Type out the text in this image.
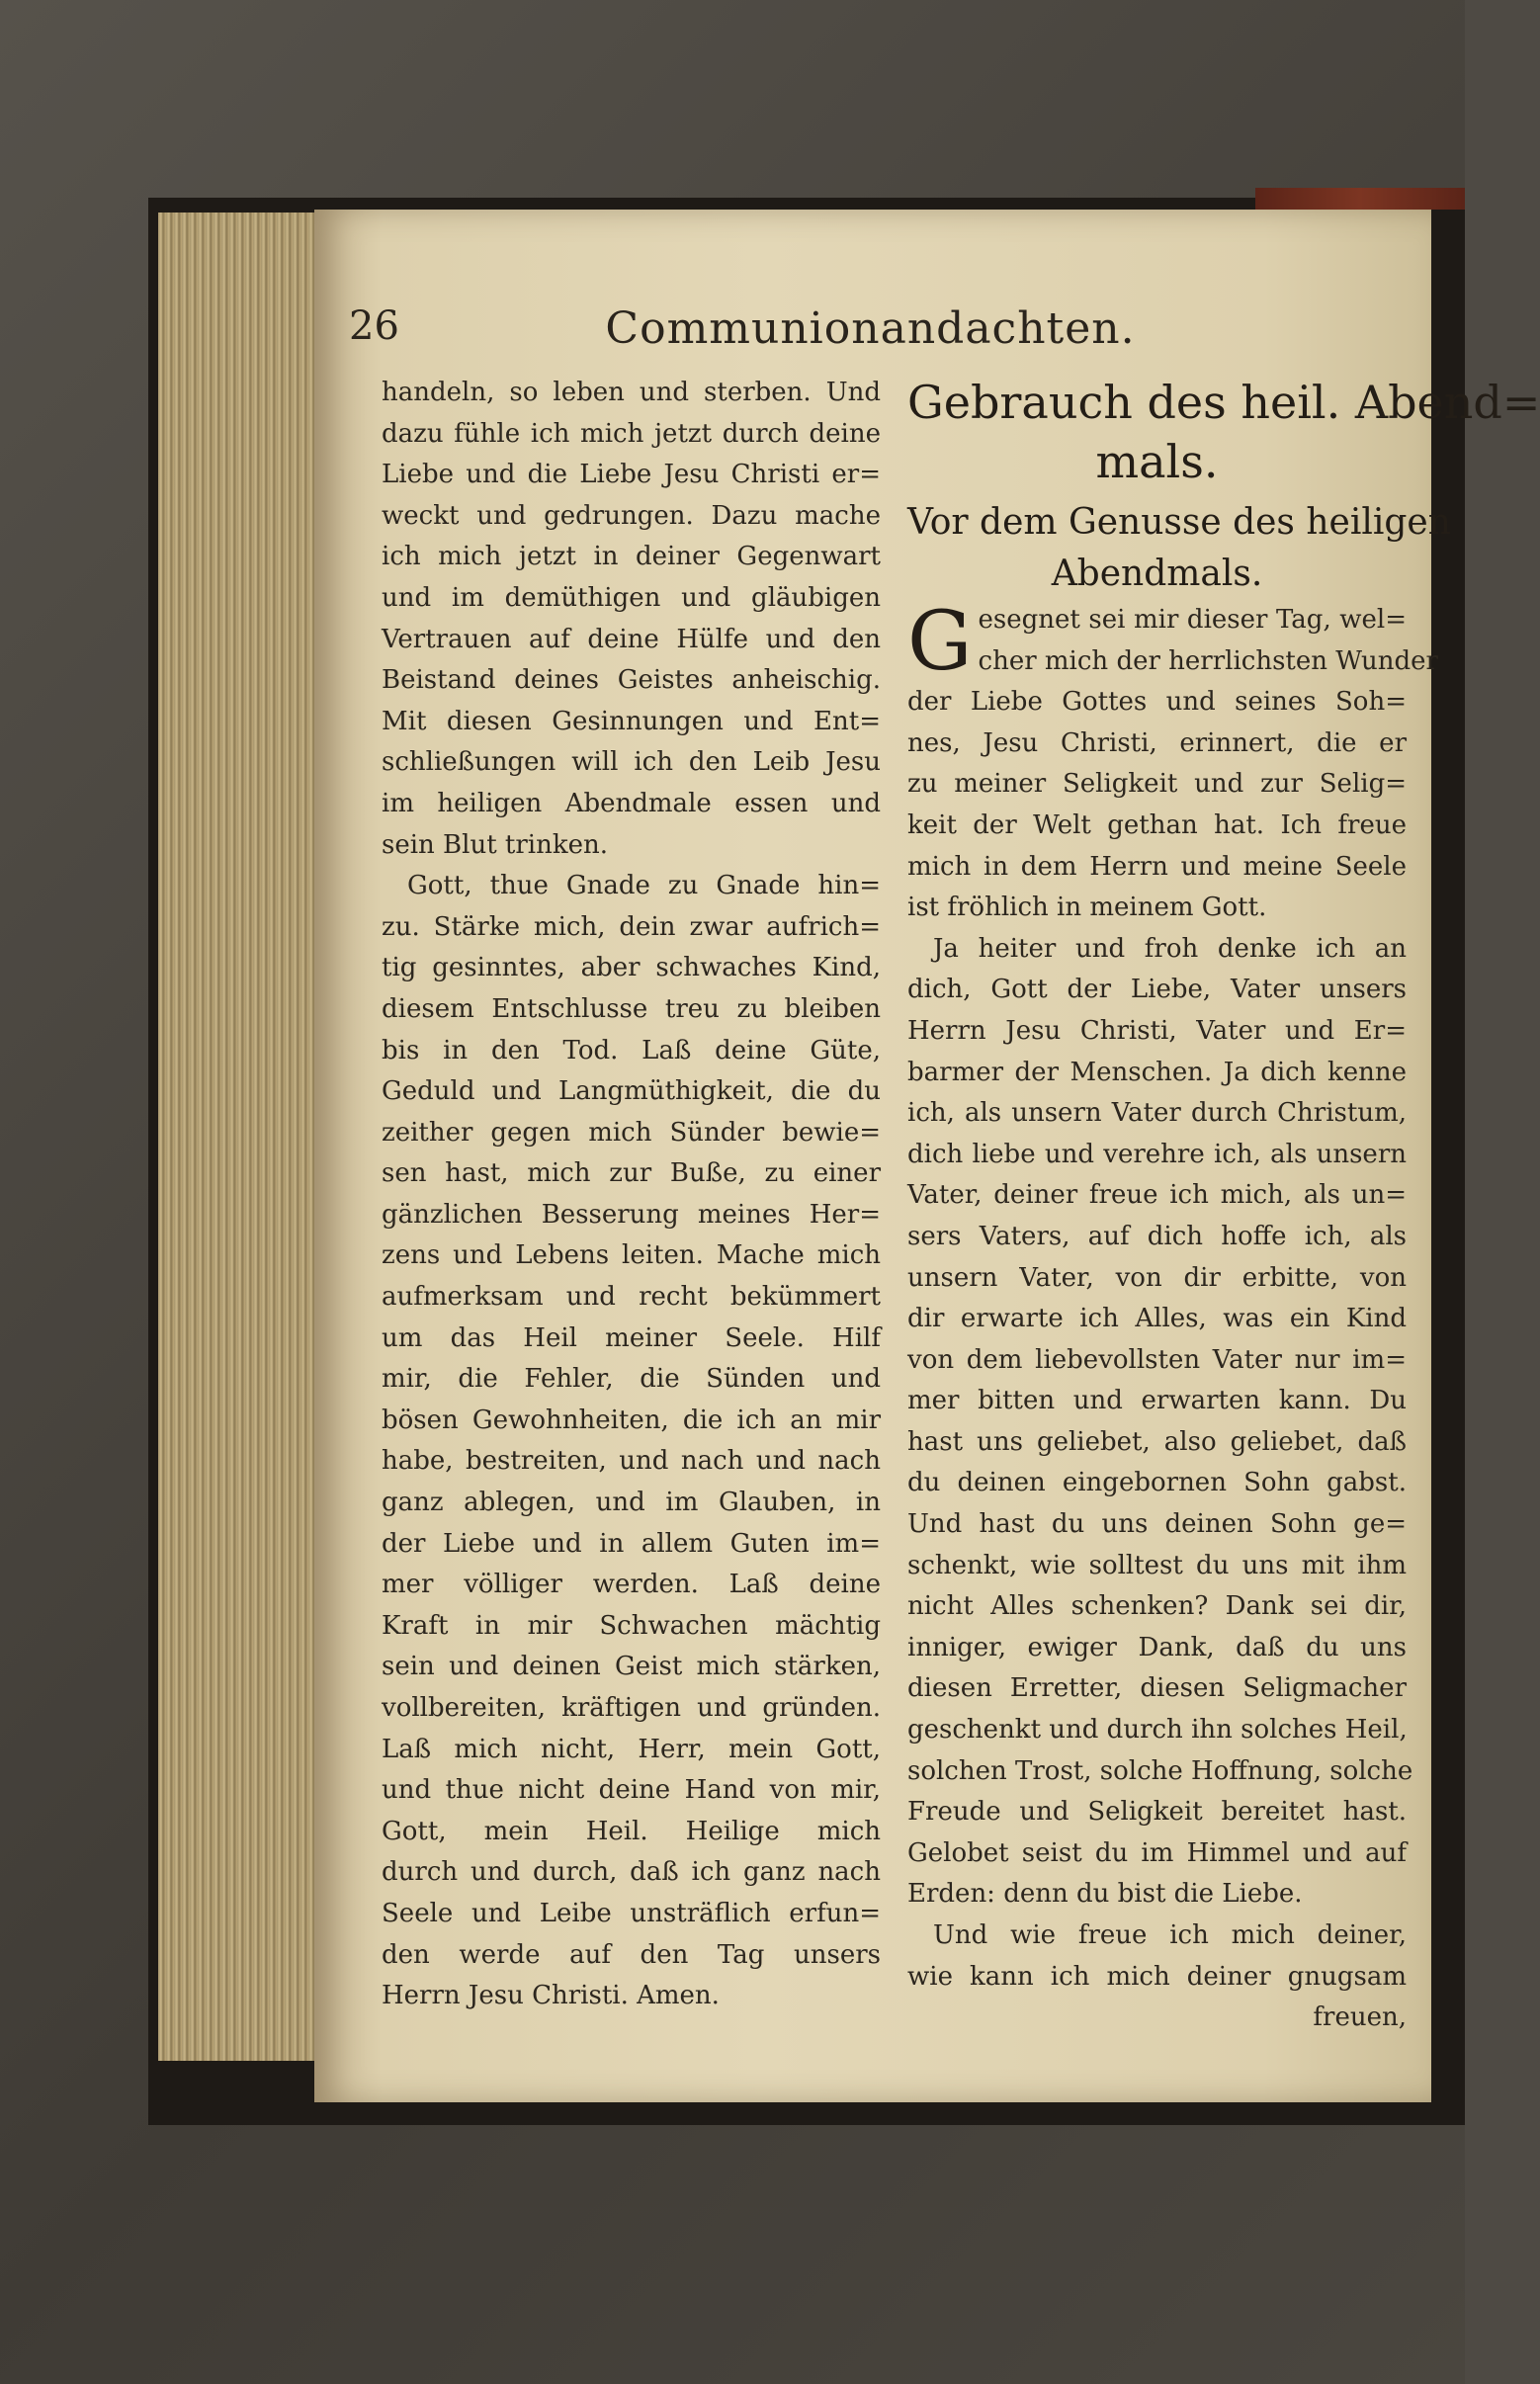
26	Communionandachten.
handeln, so leben und sterben. Und
dazu fühle ich mich jetzt durch deine
Liebe und die Liebe Jesu Christi er=
weckt und gedrungen. Dazu mache
ich mich jetzt in deiner Gegenwart
und im demüthigen und gläubigen
Vertrauen auf deine Hülfe und den
Beistand deines Geistes anheischig.
Mit diesen Gesinnungen und Ent=
schließungen will ich den Leib Jesu
im heiligen Abendmale essen und
sein Blut trinken.
Gott, thue Gnade zu Gnade hin=
zu. Stärke mich, dein zwar aufrich=
tig gesinntes, aber schwaches Kind,
diesem Entschlusse treu zu bleiben
bis in den Tod. Laß deine Güte,
Geduld und Langmüthigkeit, die du
zeither gegen mich Sünder bewie=
sen hast, mich zur Buße, zu einer
gänzlichen Besserung meines Her=
zens und Lebens leiten. Mache mich
aufmerksam und recht bekümmert
um das Heil meiner Seele. Hilf
mir, die Fehler, die Sünden und
bösen Gewohnheiten, die ich an mir
habe, bestreiten, und nach und nach
ganz ablegen, und im Glauben, in
der Liebe und in allem Guten im=
mer völliger werden. Laß deine
Kraft in mir Schwachen mächtig
sein und deinen Geist mich stärken,
vollbereiten, kräftigen und gründen.
Laß mich nicht, Herr, mein Gott,
und thue nicht deine Hand von mir,
Gott, mein Heil. Heilige mich
durch und durch, daß ich ganz nach
Seele und Leibe unsträflich erfun=
den werde auf den Tag unsers
Herrn Jesu Christi. Amen.
Gebrauch des heil. Abend=
mals.
Vor dem Genusse des heiligen
Abendmals.
G esegnet sei mir dieser Tag, wel=
cher mich der herrlichsten Wunder
der Liebe Gottes und seines Soh=
nes, Jesu Christi, erinnert, die er
zu meiner Seligkeit und zur Selig=
keit der Welt gethan hat. Ich freue
mich in dem Herrn und meine Seele
ist fröhlich in meinem Gott.
Ja heiter und froh denke ich an
dich, Gott der Liebe, Vater unsers
Herrn Jesu Christi, Vater und Er=
barmer der Menschen. Ja dich kenne
ich, als unsern Vater durch Christum,
dich liebe und verehre ich, als unsern
Vater, deiner freue ich mich, als un=
sers Vaters, auf dich hoffe ich, als
unsern Vater, von dir erbitte, von
dir erwarte ich Alles, was ein Kind
von dem liebevollsten Vater nur im=
mer bitten und erwarten kann. Du
hast uns geliebet, also geliebet, daß
du deinen eingebornen Sohn gabst.
Und hast du uns deinen Sohn ge=
schenkt, wie solltest du uns mit ihm
nicht Alles schenken? Dank sei dir,
inniger, ewiger Dank, daß du uns
diesen Erretter, diesen Seligmacher
geschenkt und durch ihn solches Heil,
solchen Trost, solche Hoffnung, solche
Freude und Seligkeit bereitet hast.
Gelobet seist du im Himmel und auf
Erden: denn du bist die Liebe.
Und wie freue ich mich deiner,
wie kann ich mich deiner gnugsam
freuen,
